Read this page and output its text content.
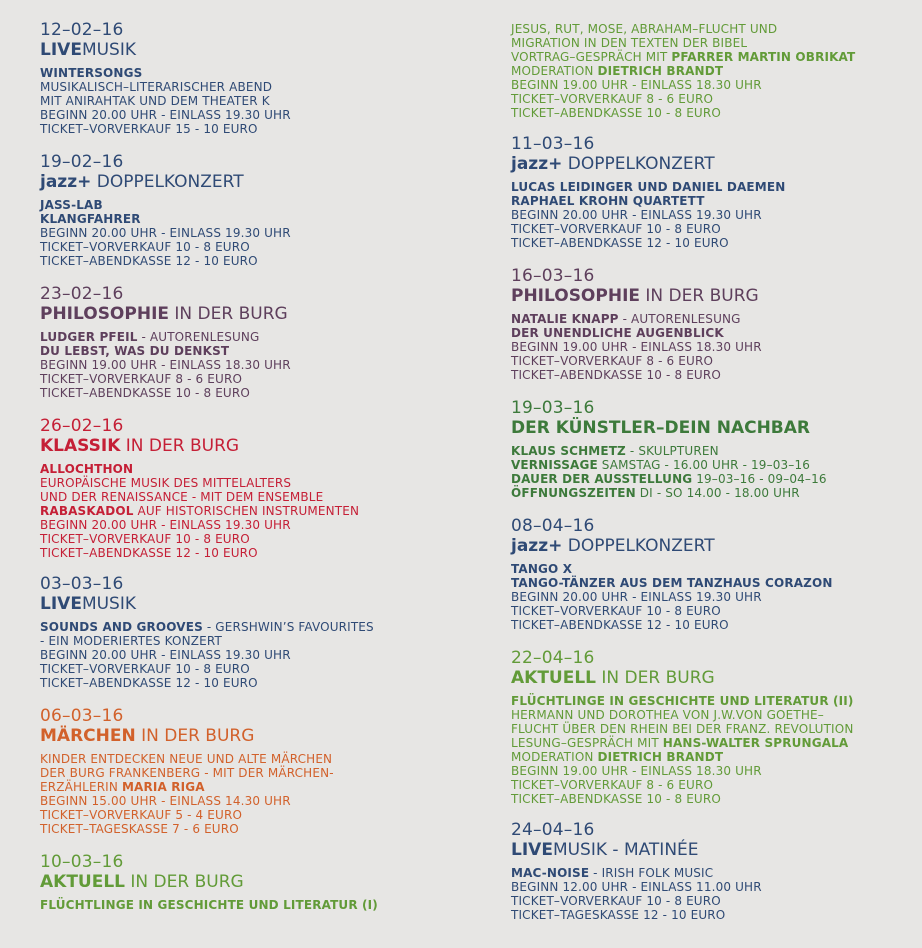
12–02–16
LIVEMUSIK
WINTERSONGS
MUSIKALISCH–LITERARISCHER ABEND
MIT ANIRAHTAK UND DEM THEATER K
BEGINN 20.00 UHR - EINLASS 19.30 UHR
TICKET–VORVERKAUF 15 - 10 EURO
19–02–16
jazz+ DOPPELKONZERT
JASS-LAB
KLANGFAHRER
BEGINN 20.00 UHR - EINLASS 19.30 UHR
TICKET–VORVERKAUF 10 - 8 EURO
TICKET–ABENDKASSE 12 - 10 EURO
23–02–16
PHILOSOPHIE IN DER BURG
LUDGER PFEIL - AUTORENLESUNG
DU LEBST, WAS DU DENKST
BEGINN 19.00 UHR - EINLASS 18.30 UHR
TICKET–VORVERKAUF 8 - 6 EURO
TICKET–ABENDKASSE 10 - 8 EURO
26–02–16
KLASSIK IN DER BURG
ALLOCHTHON
EUROPÄISCHE MUSIK DES MITTELALTERS
UND DER RENAISSANCE - MIT DEM ENSEMBLE
RABASKADOL AUF HISTORISCHEN INSTRUMENTEN
BEGINN 20.00 UHR - EINLASS 19.30 UHR
TICKET–VORVERKAUF 10 - 8 EURO
TICKET–ABENDKASSE 12 - 10 EURO
03–03–16
LIVEMUSIK
SOUNDS AND GROOVES - GERSHWIN’S FAVOURITES
- EIN MODERIERTES KONZERT
BEGINN 20.00 UHR - EINLASS 19.30 UHR
TICKET–VORVERKAUF 10 - 8 EURO
TICKET–ABENDKASSE 12 - 10 EURO
06–03–16
MÄRCHEN IN DER BURG
KINDER ENTDECKEN NEUE UND ALTE MÄRCHEN
DER BURG FRANKENBERG - MIT DER MÄRCHEN-
ERZÄHLERIN MARIA RIGA
BEGINN 15.00 UHR - EINLASS 14.30 UHR
TICKET–VORVERKAUF 5 - 4 EURO
TICKET–TAGESKASSE 7 - 6 EURO
10–03–16
AKTUELL IN DER BURG
FLÜCHTLINGE IN GESCHICHTE UND LITERATUR (I)
JESUS, RUT, MOSE, ABRAHAM–FLUCHT UND
MIGRATION IN DEN TEXTEN DER BIBEL
VORTRAG–GESPRÄCH MIT PFARRER MARTIN OBRIKAT
MODERATION DIETRICH BRANDT
BEGINN 19.00 UHR - EINLASS 18.30 UHR
TICKET–VORVERKAUF 8 - 6 EURO
TICKET–ABENDKASSE 10 - 8 EURO
11–03–16
jazz+ DOPPELKONZERT
LUCAS LEIDINGER UND DANIEL DAEMEN
RAPHAEL KROHN QUARTETT
BEGINN 20.00 UHR - EINLASS 19.30 UHR
TICKET–VORVERKAUF 10 - 8 EURO
TICKET–ABENDKASSE 12 - 10 EURO
16–03–16
PHILOSOPHIE IN DER BURG
NATALIE KNAPP - AUTORENLESUNG
DER UNENDLICHE AUGENBLICK
BEGINN 19.00 UHR - EINLASS 18.30 UHR
TICKET–VORVERKAUF 8 - 6 EURO
TICKET–ABENDKASSE 10 - 8 EURO
19–03–16
DER KÜNSTLER–DEIN NACHBAR
KLAUS SCHMETZ - SKULPTUREN
VERNISSAGE SAMSTAG - 16.00 UHR - 19–03–16
DAUER DER AUSSTELLUNG 19–03–16 - 09–04–16
ÖFFNUNGSZEITEN DI - SO 14.00 - 18.00 UHR
08–04–16
jazz+ DOPPELKONZERT
TANGO X
TANGO-TÄNZER AUS DEM TANZHAUS CORAZON
BEGINN 20.00 UHR - EINLASS 19.30 UHR
TICKET–VORVERKAUF 10 - 8 EURO
TICKET–ABENDKASSE 12 - 10 EURO
22–04–16
AKTUELL IN DER BURG
FLÜCHTLINGE IN GESCHICHTE UND LITERATUR (II)
HERMANN UND DOROTHEA VON J.W.VON GOETHE–
FLUCHT ÜBER DEN RHEIN BEI DER FRANZ. REVOLUTION
LESUNG–GESPRÄCH MIT HANS-WALTER SPRUNGALA
MODERATION DIETRICH BRANDT
BEGINN 19.00 UHR - EINLASS 18.30 UHR
TICKET–VORVERKAUF 8 - 6 EURO
TICKET–ABENDKASSE 10 - 8 EURO
24–04–16
LIVEMUSIK - MATINÉE
MAC-NOISE - IRISH FOLK MUSIC
BEGINN 12.00 UHR - EINLASS 11.00 UHR
TICKET–VORVERKAUF 10 - 8 EURO
TICKET–TAGESKASSE 12 - 10 EURO
